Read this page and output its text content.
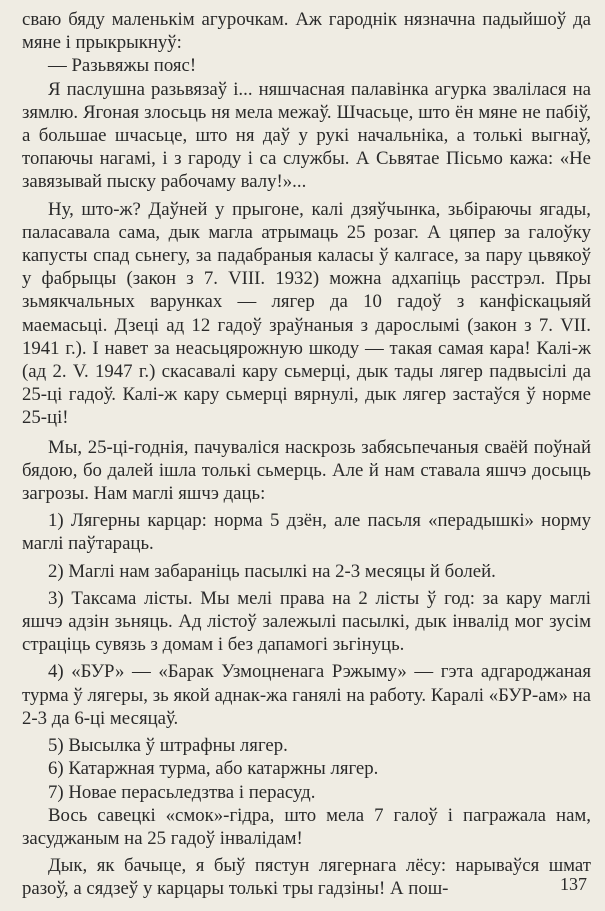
сваю бяду маленькім агурочкам. Аж гароднік нязначна падыйшоў да мяне і прыкрыкнуў:

— Разьвяжы пояс!

Я паслушна разьвязаў і... няшчасная палавінка агурка звалілася на зямлю. Ягоная злосьць ня мела межаў. Шчасьце, што ён мяне не пабіў, а большае шчасьце, што ня даў у рукі начальніка, а толькі выгнаў, топаючы нагамі, і з гароду і са службы. А Сьвятае Пісьмо кажа: «Не завязывай пыску рабочаму валу!»...

Ну, што-ж? Даўней у прыгоне, калі дзяўчынка, зьбіраючы ягады, паласавала сама, дык магла атрымаць 25 розаг. А цяпер за галоўку капусты спад сьнегу, за падабраныя каласы ў калгасе, за пару цьвякоў у фабрыцы (закон з 7. VIII. 1932) можна адхапіць расстрэл. Пры зьмякчальных варунках — лягер да 10 гадоў з канфіскацыяй маемасьці. Дзеці ад 12 гадоў зраўнаныя з дарослымі (закон з 7. VII. 1941 г.). І навет за неасьцярожную шкоду — такая самая кара! Калі-ж (ад 2. V. 1947 г.) скасавалі кару сьмерці, дык тады лягер падвысілі да 25-ці гадоў. Калі-ж кару сьмерці вярнулі, дык лягер застаўся ў норме 25-ці!

Мы, 25-ці-годнія, пачуваліся наскрозь забясьпечаныя сваёй поўнай бядою, бо далей ішла толькі сьмерць. Але й нам ставала яшчэ досыць загрозы. Нам маглі яшчэ даць:

1) Лягерны карцар: норма 5 дзён, але пасьля «перадышкі» норму маглі паўтараць.

2) Маглі нам забараніць пасылкі на 2-3 месяцы й болей.

3) Таксама лісты. Мы мелі права на 2 лісты ў год: за кару маглі яшчэ адзін зьняць. Ад лістоў залежылі пасылкі, дык інвалід мог зусім страціць сувязь з домам і без дапамогі зьгінуць.

4) «БУР» — «Барак Узмоцненага Рэжыму» — гэта адгароджаная турма ў лягеры, зь якой аднак-жа ганялі на работу. Каралі «БУР-ам» на 2-3 да 6-ці месяцаў.

5) Высылка ў штрафны лягер.

6) Катаржная турма, або катаржны лягер.

7) Новае перасьледзтва і перасуд.

Вось савецкі «смок»-гідра, што мела 7 галоў і пагражала нам, засуджаным на 25 гадоў інвалідам!

Дык, як бачыце, я быў пястун лягернага лёсу: нарываўся шмат разоў, а сядзеў у карцары толькі тры гадзіны! А пош-	137
